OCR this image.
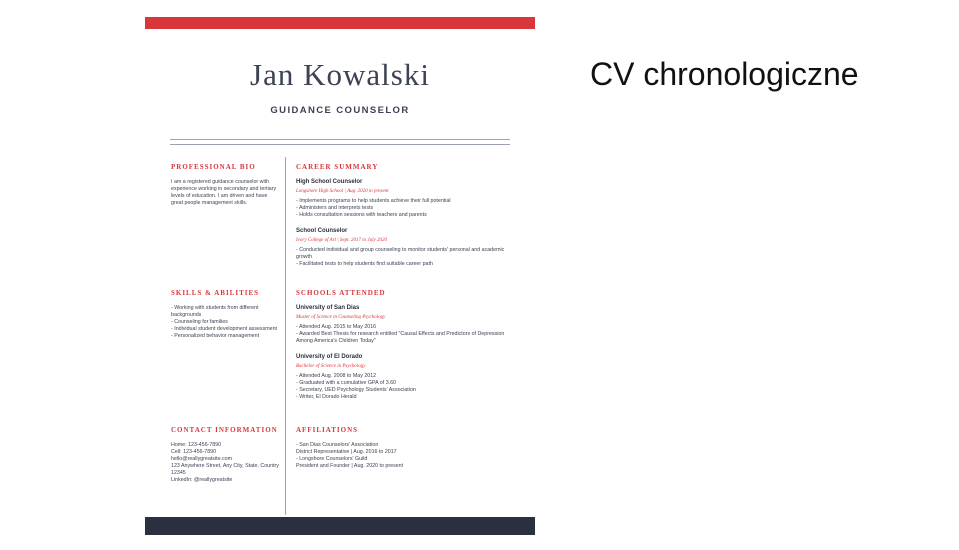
CV chronologiczne
Jan Kowalski
GUIDANCE COUNSELOR
PROFESSIONAL BIO
I am a registered guidance counselor with experience working in secondary and tertiary levels of education. I am driven and have great people management skills.
SKILLS & ABILITIES
- Working with students from different backgrounds
- Counseling for families
- Individual student development assessment
- Personalized behavior management
CONTACT INFORMATION
Home: 123-456-7890
Cell: 123-456-7890
hello@reallygreatsite.com
123 Anywhere Street, Any City, State, Country 12345
LinkedIn: @reallygreatsite
CAREER SUMMARY
High School Counselor
Longshore High School | Aug. 2020 to present
- Implements programs to help students achieve their full potential
- Administers and interprets tests
- Holds consultation sessions with teachers and parents
School Counselor
Ivory College of Art | Sept. 2017 to July 2020
- Conducted individual and group counseling to monitor students' personal and academic growth
- Facilitated tests to help students find suitable career path
SCHOOLS ATTENDED
University of San Dias
Master of Science in Counseling Psychology
- Attended Aug. 2015 to May 2016
- Awarded Best Thesis for research entitled "Causal Effects and Predictors of Depression Among America's Children Today"
University of El Dorado
Bachelor of Science in Psychology
- Attended Aug. 2008 to May 2012
- Graduated with a cumulative GPA of 3.60
- Secretary, UED Psychology Students' Association
- Writer, El Dorado Herald
AFFILIATIONS
- San Dias Counselors' Association
District Representative | Aug. 2016 to 2017
- Longshore Counselors' Guild
President and Founder | Aug. 2020 to present
